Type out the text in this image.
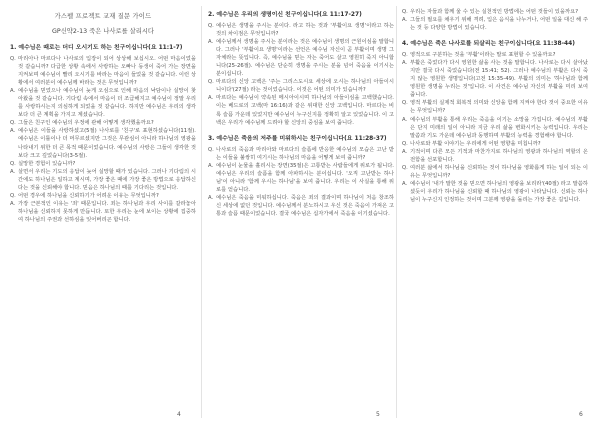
가스펠 프로젝트 교재 질문 가이드
GP신약2-13 죽은 나사로를 살리시다
1. 예수님은 때로는 더디 오시기도 하는 친구이십니다(요 11:1-7)
Q. 마리아나 마르다나 나사로의 입장이 되어 상상해 보십시오. 어떤 마음이었을 것 같습니까? 다급한 상황 속에서 사랑하는 오빠나 동생이 죽어 가는 장면을 지켜보며 예수님이 빨리 오시기를 바라는 마음이 들었을 것 같습니다. 이런 상황에서 여러분이 예수님께 바라는 것은 무엇입니까?
A. 예수님을 믿었으나 예수님이 늦게 오심으로 인해 마음의 낙담이나 실망이 찾아왔을 것 같습니다. 기다림 속에서 마음이 더 조급해지고 예수님이 정말 우리를 사랑하시는지 의심하게 되었을 것 같습니다. 하지만 예수님은 우리의 생각보다 더 큰 계획을 가지고 계셨습니다.
Q. 그들은 친구인 예수님의 우정에 관해 어떻게 생각했을까요?
A. 예수님은 이들을 사랑하셨고(5절) 나사로를 '친구'로 표현하셨습니다(11절). 예수님은 이틀이나 더 머무르셨지만 그것은 무관심이 아니라 하나님의 영광을 나타내기 위한 더 큰 목적 때문이었습니다. 예수님의 사랑은 그들이 생각한 것보다 크고 깊었습니다(3-5절).
Q. 실망한 경험이 있습니까?
A. 살면서 우리는 기도의 응답이 늦어 실망할 때가 있습니다. 그러나 기다림의 시간에도 하나님은 일하고 계시며, 가장 좋은 때에 가장 좋은 방법으로 응답하신다는 것을 신뢰해야 합니다. 믿음은 하나님의 때를 기다리는 것입니다.
Q. 어떤 경우에 하나님을 신뢰하기가 어려운 이유는 무엇입니까?
A. 가장 근본적인 이유는 '죄' 때문입니다. 죄는 하나님과 우리 사이를 갈라놓아 하나님을 신뢰하지 못하게 만듭니다. 또한 우리는 눈에 보이는 상황에 집중하여 하나님의 주권과 선하심을 잊어버리곤 합니다.
4
2. 예수님은 우리의 생명이신 친구이십니다(요 11:17-27)
Q. 예수님은 생명을 주시는 분이다. 라고 하는 것과 '부활이요 생명'이라고 하는 것의 차이점은 무엇입니까?
A. 예수님께서 생명을 주시는 분이라는 것은 예수님이 생명의 근원이심을 말합니다. 그러나 '부활이요 생명'이라는 선언은 예수님 자신이 곧 부활이며 생명 그 자체라는 뜻입니다. 즉, 예수님을 믿는 자는 죽어도 살고 영원히 죽지 아니합니다(25-26절). 예수님은 단순히 생명을 주시는 분을 넘어 죽음을 이기시는 분이십니다.
Q. 마르다의 신앙 고백은 '주는 그리스도시요 세상에 오시는 하나님의 아들이시니이다'(27절) 라는 것이었습니다. 이것은 어떤 의미가 있습니까?
A. 마르다는 예수님이 약속된 메시아이시며 하나님의 아들이심을 고백했습니다. 이는 베드로의 고백(마 16:16)과 같은 위대한 신앙 고백입니다. 마르다는 비록 슬픔 가운데 있었지만 예수님이 누구신지를 정확히 알고 있었습니다. 이 고백은 우리가 예수님께 드려야 할 신앙의 중심을 보여 줍니다.
3. 예수님은 죽음의 저주를 미워하시는 친구이십니다(요 11:28-37)
Q. 나사로의 죽음과 마리아와 마르다의 슬픔에 반응한 예수님의 모습은 고난 받는 이들을 불쌍히 여기시는 하나님의 마음을 어떻게 보여 줍니까?
A. 예수님이 눈물을 흘리시는 장면(35절)은 고통받는 사람들에게 위로가 됩니다. 예수님은 우리의 슬픔을 함께 아파하시는 분이십니다. '오직 고난받는 하나님'이 아니라 '함께 우시는 하나님'을 보여 줍니다. 우리는 이 사실을 통해 위로를 얻습니다.
A. 예수님은 죽음을 미워하십니다. 죽음은 죄의 결과이며 하나님이 처음 창조하신 세상에 없던 것입니다. 예수님께서 분노하시고 우신 것은 죽음이 가져온 고통과 슬픔 때문이었습니다. 결국 예수님은 십자가에서 죽음을 이기셨습니다.
5
Q. 우리는 자들과 함께 울 수 있는 실천적인 방법에는 어떤 것들이 있을까요?
A. 그들의 필요를 채우기 위해 격려, 입은 음식을 나누거나, 어떤 일을 대신 해 주는 것 등 다양한 방법이 있습니다.
4. 예수님은 죽은 나사로를 되살리는 친구이십니다(요 11:38-44)
Q. 영적으로 구분하는 것을 '부활'이라는 말로 표현할 수 있을까요?
A. 부활은 죽었다가 다시 영원한 삶을 사는 것을 말합니다. 나사로는 다시 살아났지만 결국 다시 죽었습니다(전 15:41; 52). 그러나 예수님의 부활은 다시 죽지 않는 영원한 생명입니다(고전 15:35-49). 부활의 의미는 '하나님과 함께 영원한 생명을 누리는 것'입니다. 이 사건은 예수님 자신의 부활을 미리 보여 줍니다.
Q. 영적 부활의 실제적 회복적 의미와 신앙을 함께 지켜야 한다 것이 중요한 이유는 무엇입니까?
A. 예수님의 부활을 통해 우리는 죽음을 이기는 소망을 가집니다. 예수님의 부활은 단지 미래의 일이 아니라 지금 우리 삶을 변화시키는 능력입니다. 우리는 말씀과 기도 가운데 예수님과 동행하며 부활의 능력을 경험해야 합니다.
Q. 나사로와 부활 이야기는 우리에게 어떤 영향을 미칩니까?
A. 기적이며 다른 모든 기적과 마찬가지로 하나님의 영광과 하나님의 역할의 온전함을 선포합니다.
Q. 여러분 삶에서 하나님을 신뢰하는 것이 하나님을 영화롭게 하는 일이 되는 이유는 무엇입니까?
A. 예수님이 '내가 말한 것을 믿으면 하나님의 영광을 보리라'(40절) 라고 말씀하셨듯이 우리가 하나님을 신뢰할 때 하나님의 영광이 나타납니다. 신뢰는 하나님이 누구신지 인정하는 것이며 그분께 영광을 돌리는 가장 좋은 길입니다.
6
